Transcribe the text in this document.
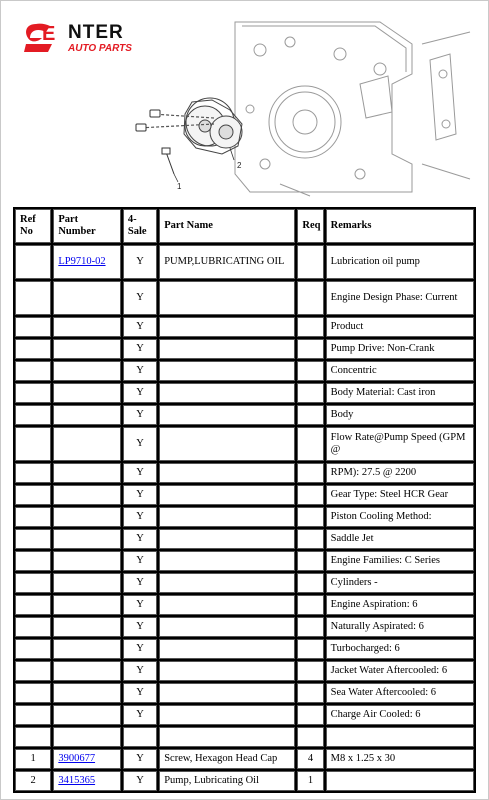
E NTER
AUTO PARTS
2
1
Ref No	Part Number	4-Sale	Part Name	Req	Remarks
	LP9710-02	Y	PUMP,LUBRICATING OIL		Lubrication oil pump
		Y			Engine Design Phase: Current
		Y			Product
		Y			Pump Drive: Non-Crank
		Y			Concentric
		Y			Body Material: Cast iron
		Y			Body
		Y			Flow Rate@Pump Speed (GPM @
		Y			RPM): 27.5 @ 2200
		Y			Gear Type: Steel HCR Gear
		Y			Piston Cooling Method:
		Y			Saddle Jet
		Y			Engine Families: C Series
		Y			Cylinders -
		Y			Engine Aspiration: 6
		Y			Naturally Aspirated: 6
		Y			Turbocharged: 6
		Y			Jacket Water Aftercooled: 6
		Y			Sea Water Aftercooled: 6
		Y			Charge Air Cooled: 6

1	3900677	Y	Screw, Hexagon Head Cap	4	M8 x 1.25 x 30
2	3415365	Y	Pump, Lubricating Oil	1	
